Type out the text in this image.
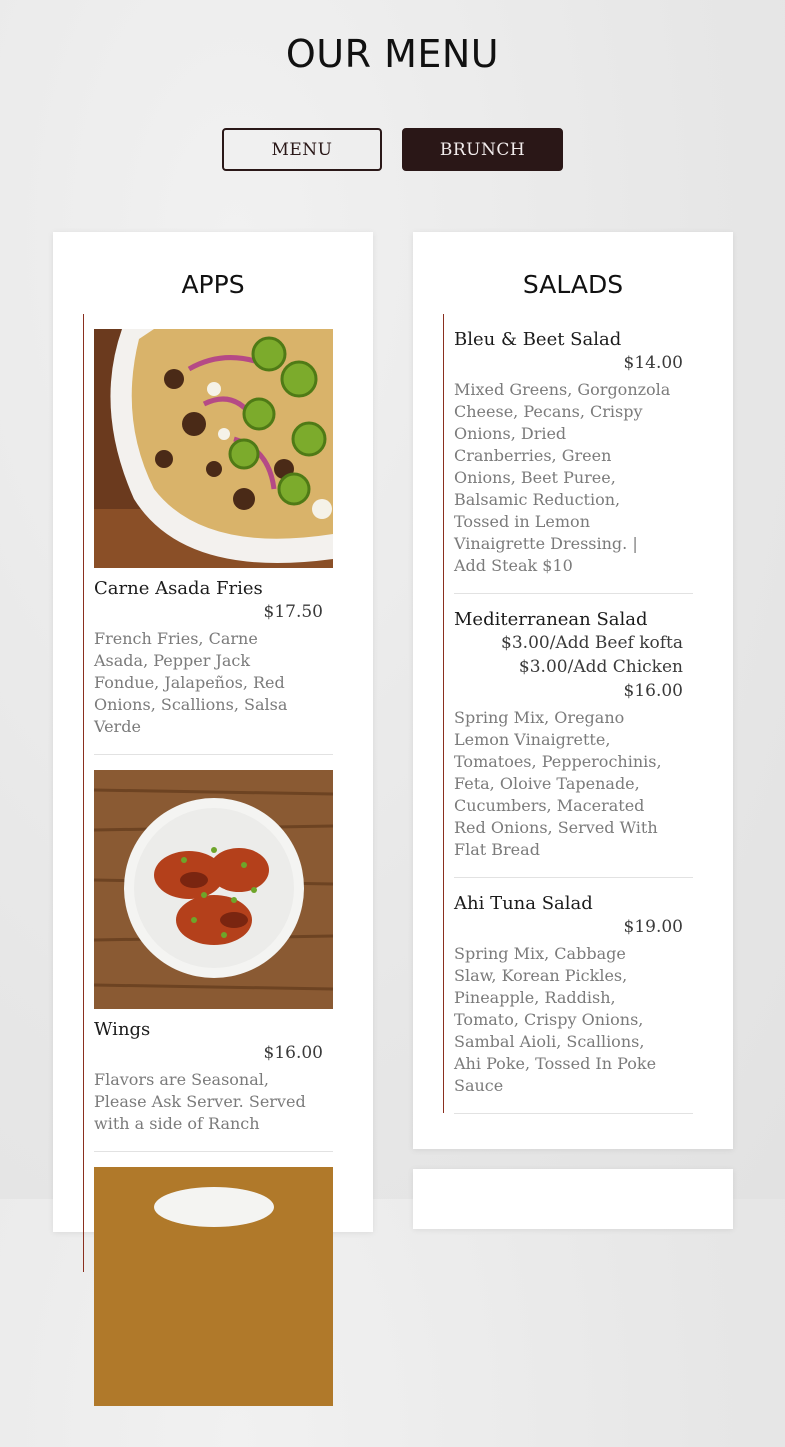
OUR MENU
MENU	BRUNCH
APPS
Carne Asada Fries
$17.50
French Fries, Carne Asada, Pepper Jack Fondue, Jalapeños, Red Onions, Scallions, Salsa Verde
Wings
$16.00
Flavors are Seasonal, Please Ask Server. Served with a side of Ranch
SALADS
Bleu & Beet Salad
$14.00
Mixed Greens, Gorgonzola Cheese, Pecans, Crispy Onions, Dried Cranberries, Green Onions, Beet Puree, Balsamic Reduction, Tossed in Lemon Vinaigrette Dressing. | Add Steak $10
Mediterranean Salad
$3.00/Add Beef kofta
$3.00/Add Chicken
$16.00
Spring Mix, Oregano Lemon Vinaigrette, Tomatoes, Pepperochinis, Feta, Oloive Tapenade, Cucumbers, Macerated Red Onions, Served With Flat Bread
Ahi Tuna Salad
$19.00
Spring Mix, Cabbage Slaw, Korean Pickles, Pineapple, Raddish, Tomato, Crispy Onions, Sambal Aioli, Scallions, Ahi Poke, Tossed In Poke Sauce
